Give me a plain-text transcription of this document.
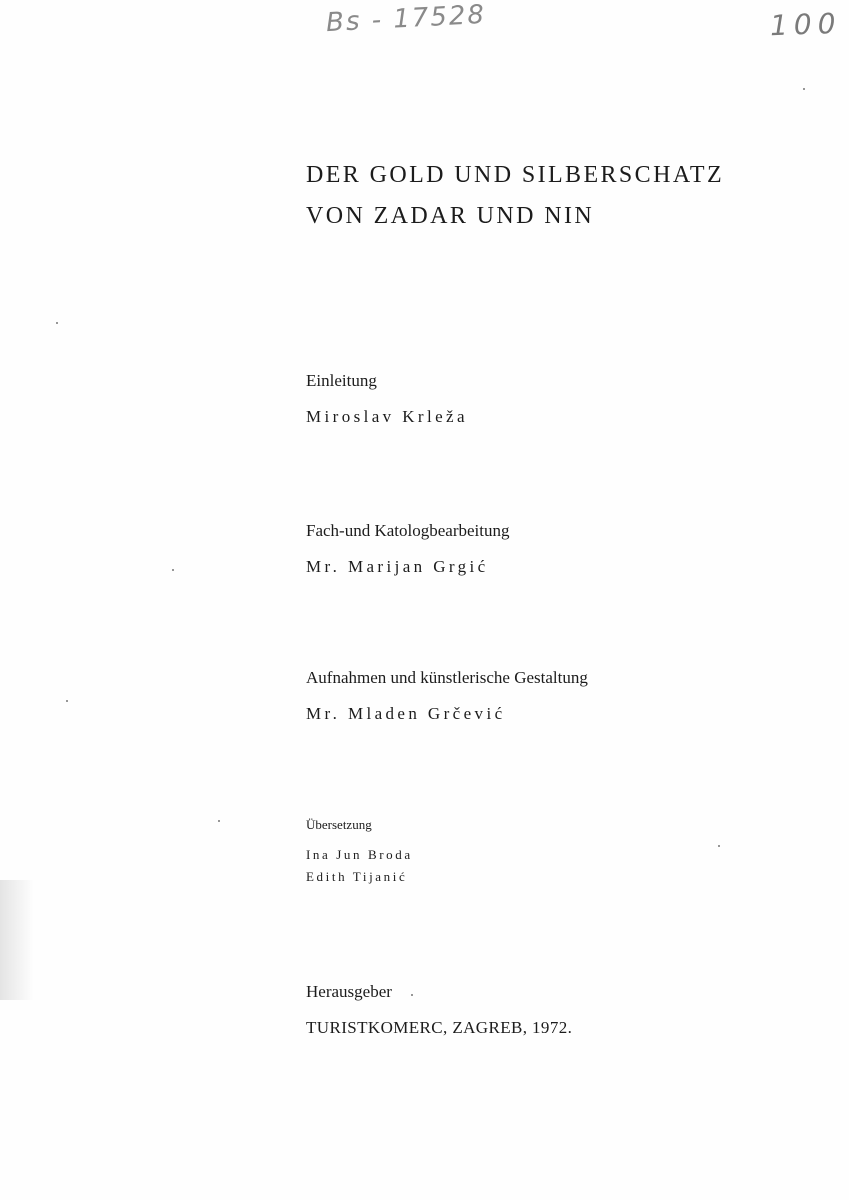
Bs - 17528	100
DER GOLD UND SILBERSCHATZ
VON ZADAR UND NIN
Einleitung
Miroslav Krleža
Fach-und Katologbearbeitung
Mr. Marijan Grgić
Aufnahmen und künstlerische Gestaltung
Mr. Mladen Grčević
Übersetzung
Ina Jun Broda
Edith Tijanić
Herausgeber
TURISTKOMERC, ZAGREB, 1972.
